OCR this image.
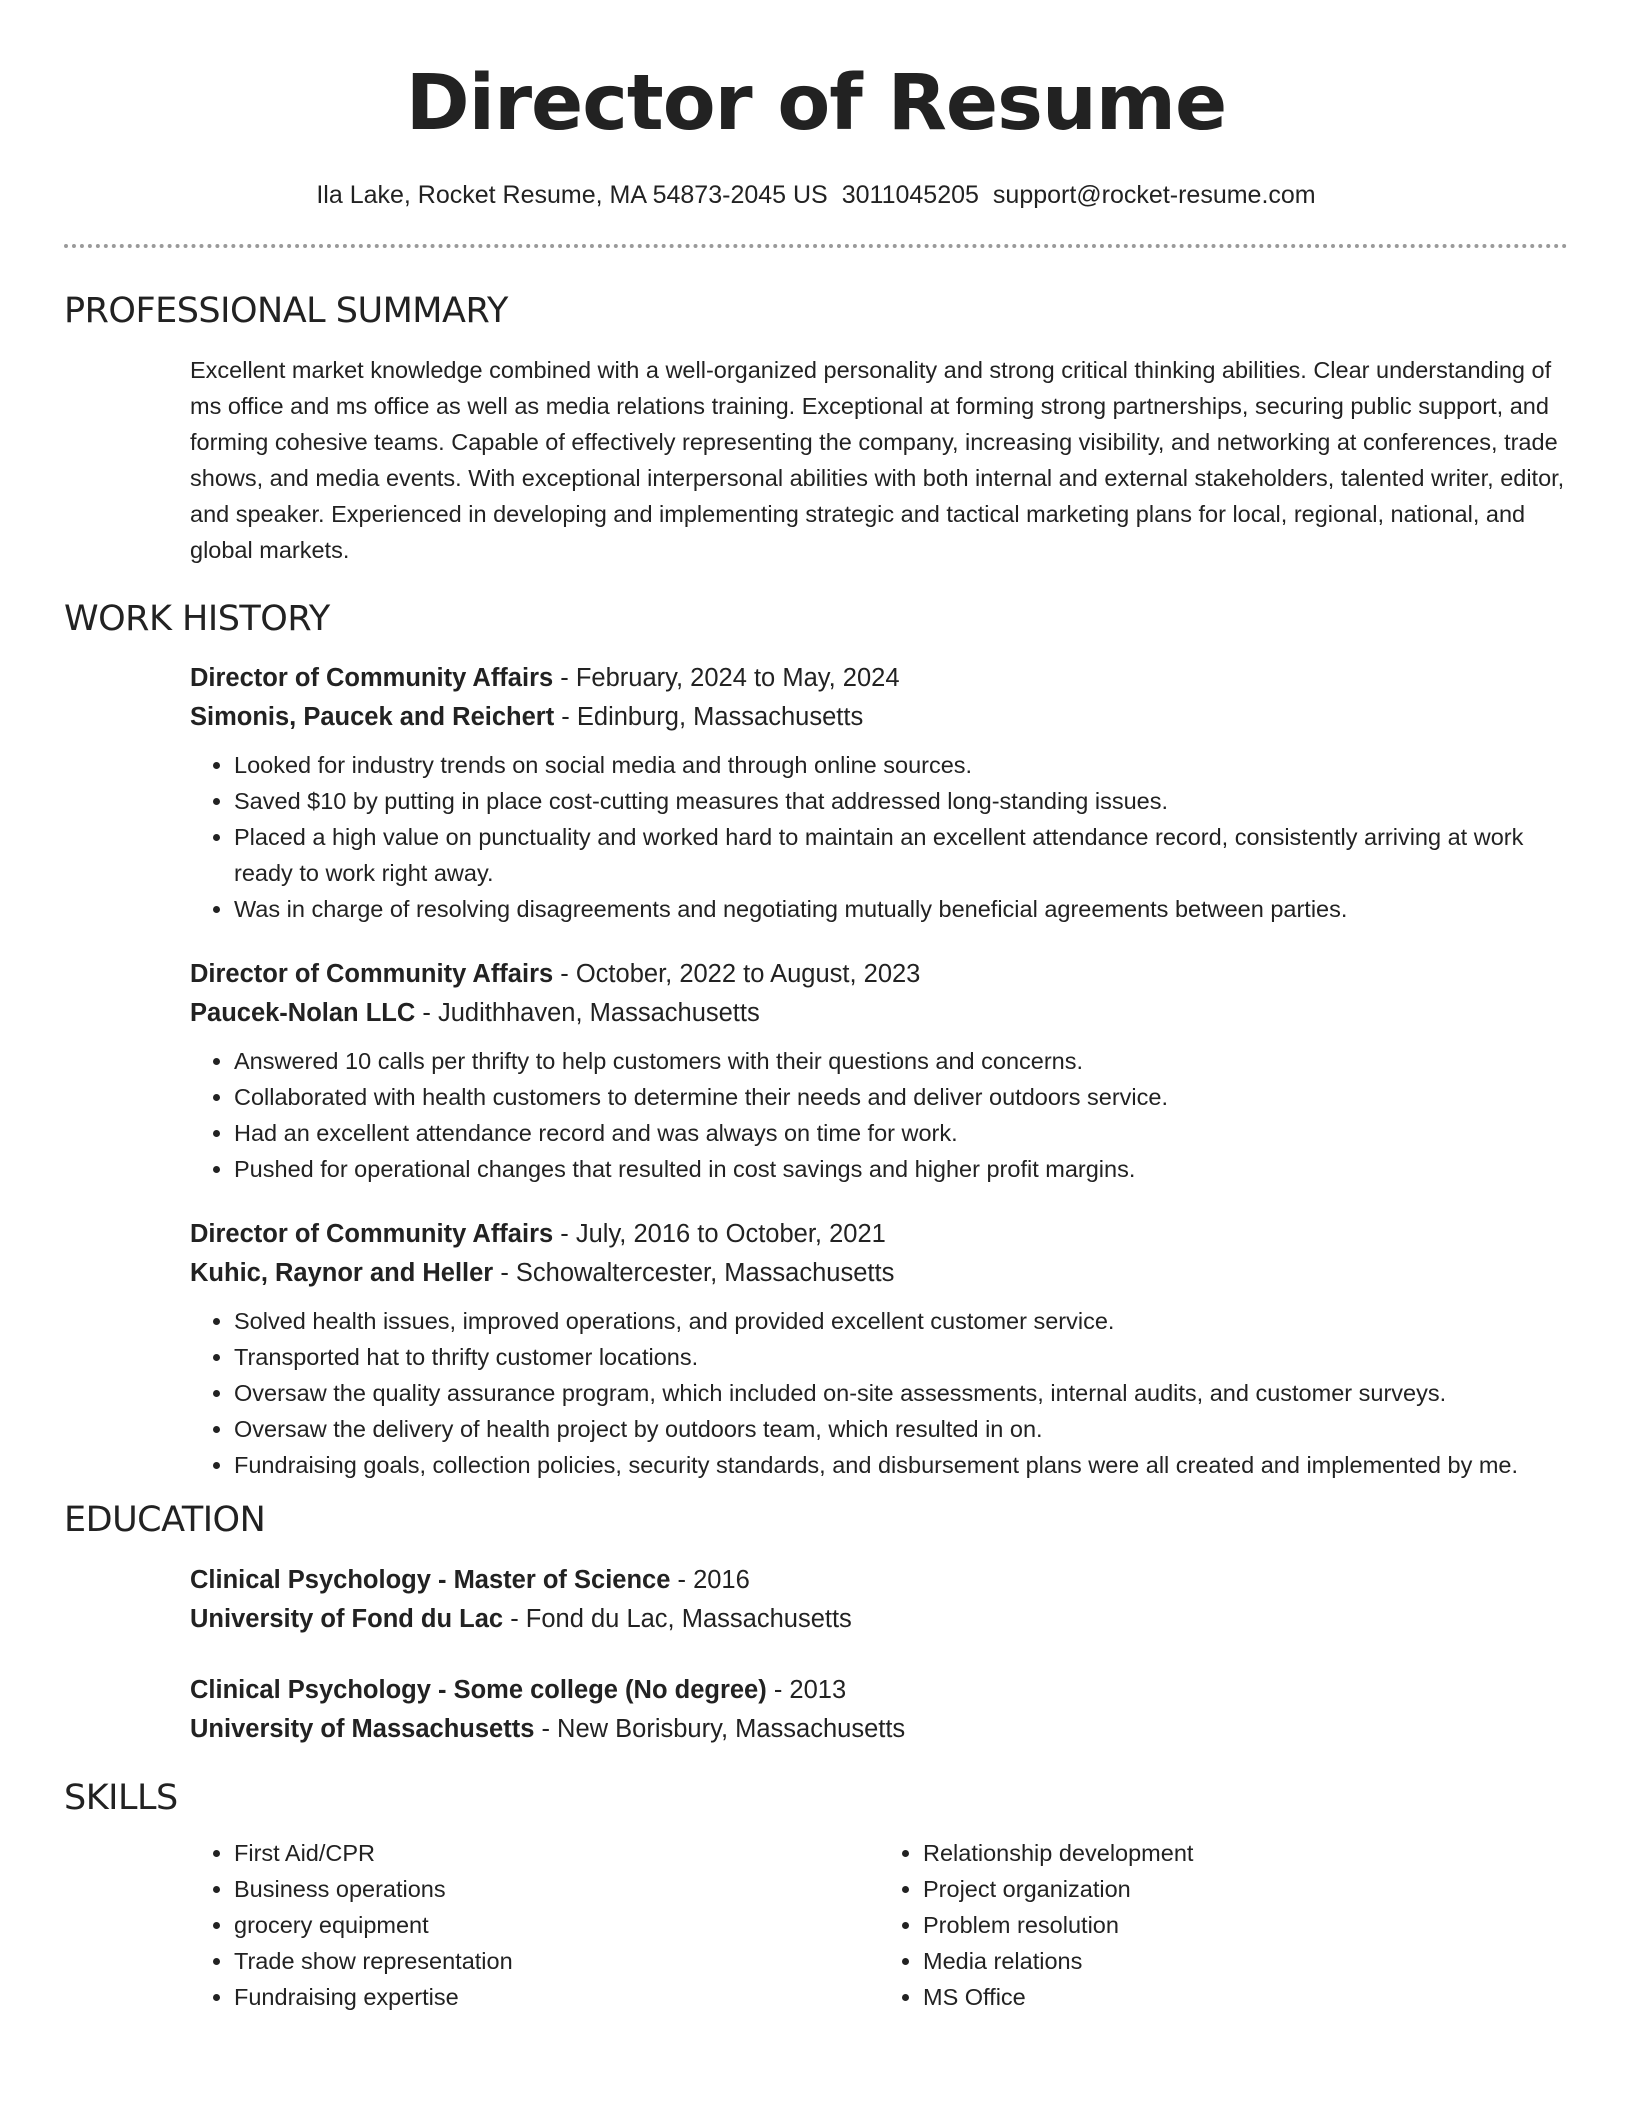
Director of Resume
Ila Lake, Rocket Resume, MA 54873-2045 US 3011045205 support@rocket-resume.com
PROFESSIONAL SUMMARY

Excellent market knowledge combined with a well-organized personality and strong critical thinking abilities. Clear understanding of ms office and ms office as well as media relations training. Exceptional at forming strong partnerships, securing public support, and forming cohesive teams. Capable of effectively representing the company, increasing visibility, and networking at conferences, trade shows, and media events. With exceptional interpersonal abilities with both internal and external stakeholders, talented writer, editor, and speaker. Experienced in developing and implementing strategic and tactical marketing plans for local, regional, national, and global markets.

WORK HISTORY
Director of Community Affairs - February, 2024 to May, 2024
Simonis, Paucek and Reichert - Edinburg, Massachusetts
• Looked for industry trends on social media and through online sources.
• Saved $10 by putting in place cost-cutting measures that addressed long-standing issues.
• Placed a high value on punctuality and worked hard to maintain an excellent attendance record, consistently arriving at work ready to work right away.
• Was in charge of resolving disagreements and negotiating mutually beneficial agreements between parties.
Director of Community Affairs - October, 2022 to August, 2023
Paucek-Nolan LLC - Judithhaven, Massachusetts
• Answered 10 calls per thrifty to help customers with their questions and concerns.
• Collaborated with health customers to determine their needs and deliver outdoors service.
• Had an excellent attendance record and was always on time for work.
• Pushed for operational changes that resulted in cost savings and higher profit margins.
Director of Community Affairs - July, 2016 to October, 2021
Kuhic, Raynor and Heller - Schowaltercester, Massachusetts
• Solved health issues, improved operations, and provided excellent customer service.
• Transported hat to thrifty customer locations.
• Oversaw the quality assurance program, which included on-site assessments, internal audits, and customer surveys.
• Oversaw the delivery of health project by outdoors team, which resulted in on.
• Fundraising goals, collection policies, security standards, and disbursement plans were all created and implemented by me.
EDUCATION
Clinical Psychology - Master of Science - 2016
University of Fond du Lac - Fond du Lac, Massachusetts
Clinical Psychology - Some college (No degree) - 2013
University of Massachusetts - New Borisbury, Massachusetts
SKILLS
• First Aid/CPR
• Business operations
• grocery equipment
• Trade show representation
• Fundraising expertise
• Relationship development
• Project organization
• Problem resolution
• Media relations
• MS Office
